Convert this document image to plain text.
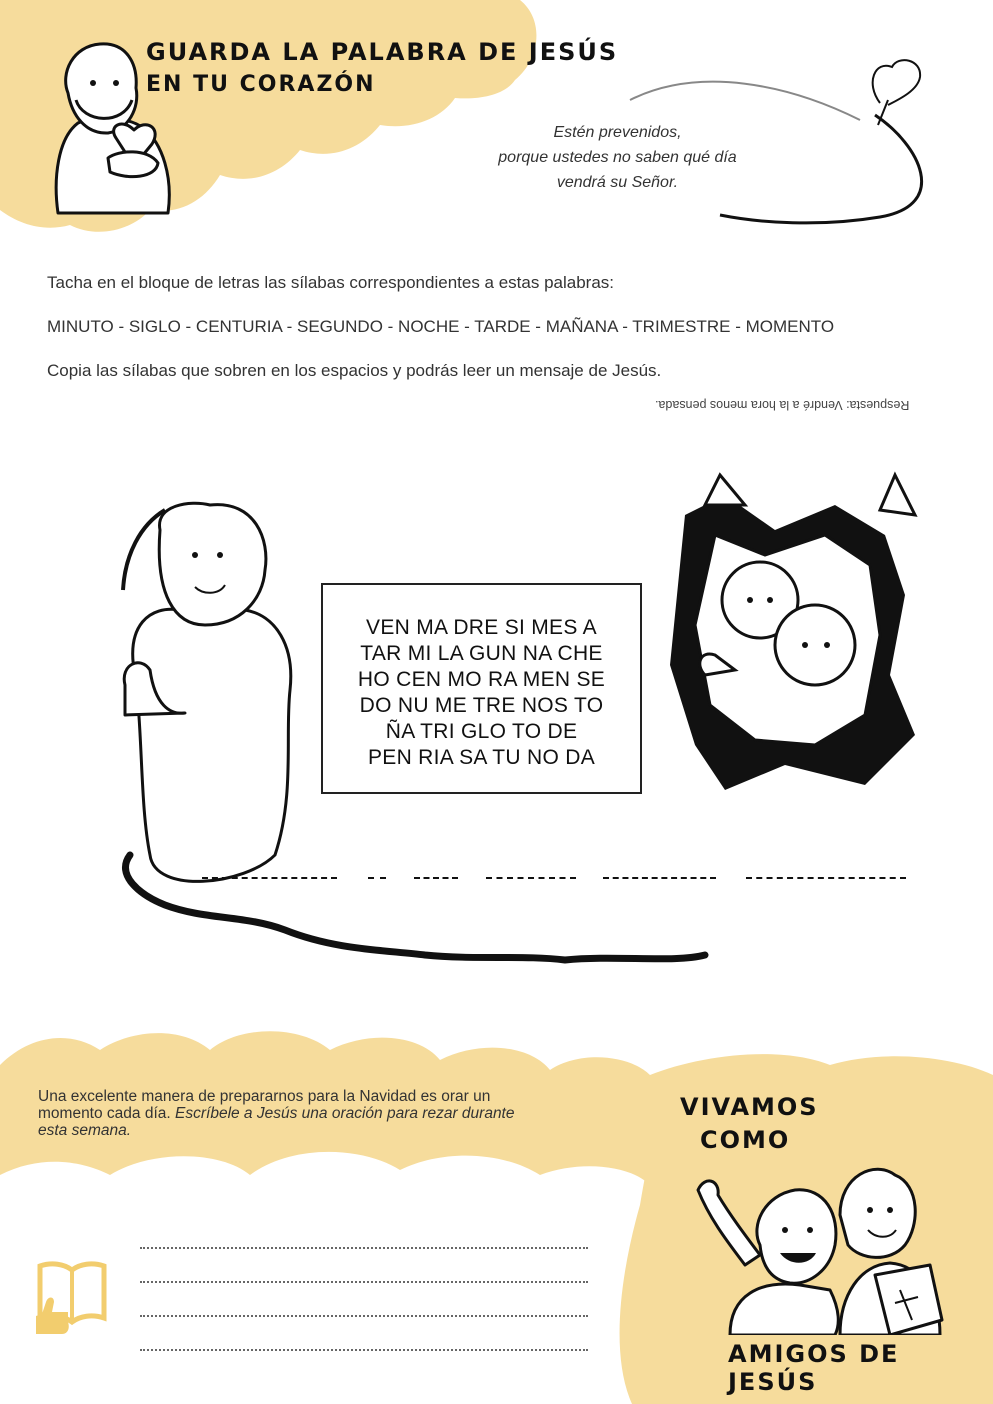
GUARDA LA PALABRA DE JESÚS
EN TU CORAZÓN
Estén prevenidos,
porque ustedes no saben qué día
vendrá su Señor.
Tacha en el bloque de letras las sílabas correspondientes a estas palabras:
MINUTO - SIGLO - CENTURIA - SEGUNDO - NOCHE - TARDE - MAÑANA - TRIMESTRE - MOMENTO
Copia las sílabas que sobren en los espacios y podrás leer un mensaje de Jesús.
Respuesta: Vendré a la hora menos pensada.
VEN MA DRE SI MES A
TAR MI LA GUN NA CHE
HO CEN MO RA MEN SE
DO NU ME TRE NOS TO
ÑA TRI GLO TO DE
PEN RIA SA TU NO DA
Una excelente manera de prepararnos para la Navidad es orar un momento cada día. Escríbele a Jesús una oración para rezar durante esta semana.
VIVAMOS
COMO
AMIGOS DE JESÚS
